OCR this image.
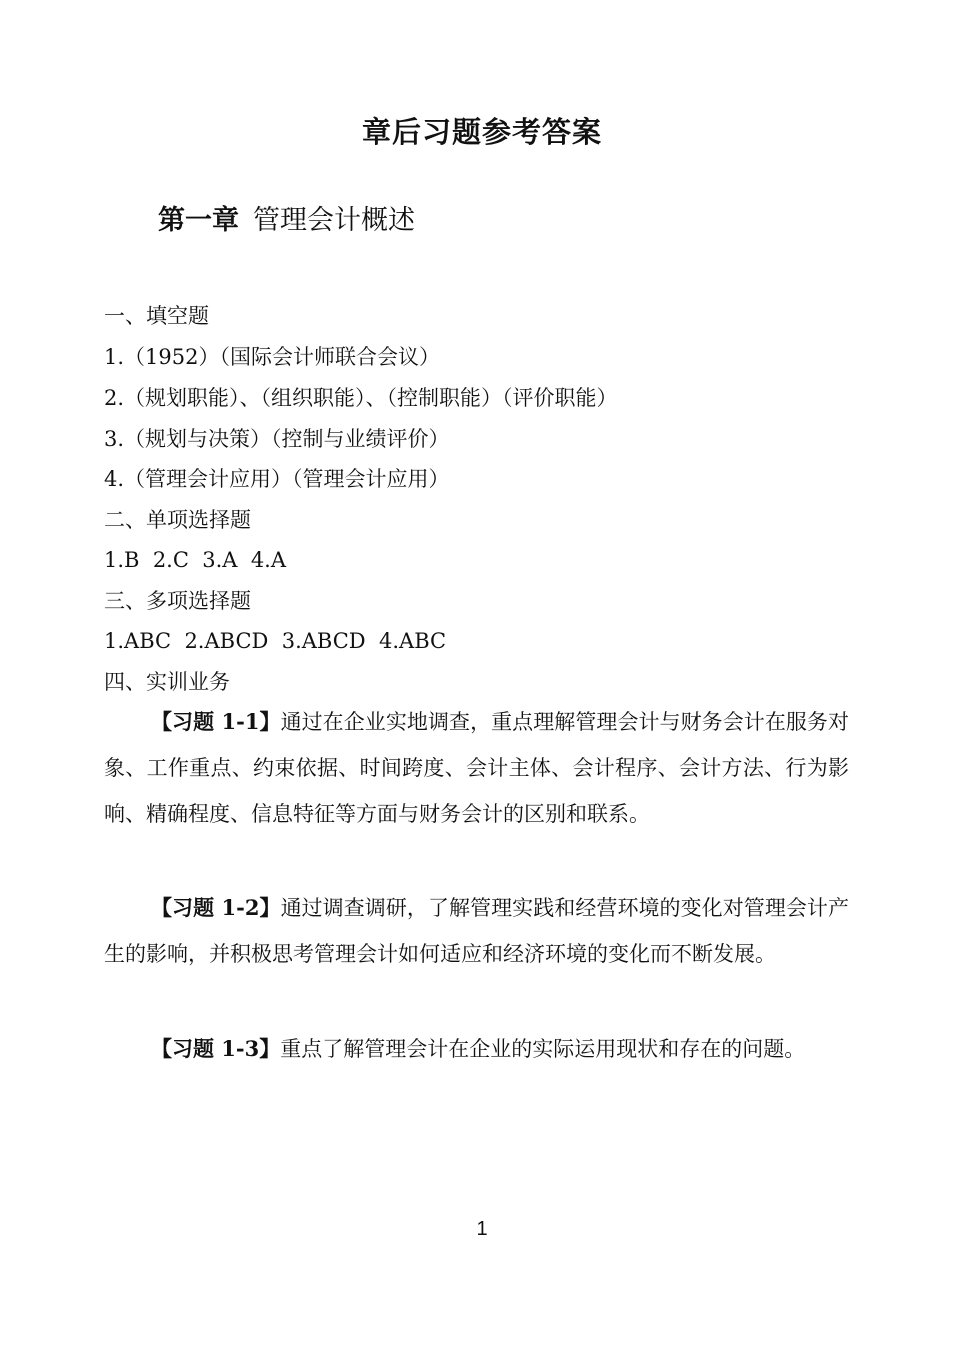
章后习题参考答案
第一章 管理会计概述
一、填空题
1.（1952）（国际会计师联合会议）
2.（规划职能）、（组织职能）、（控制职能）（评价职能）
3.（规划与决策）（控制与业绩评价）
4.（管理会计应用）（管理会计应用）
二、单项选择题
1.B  2.C  3.A  4.A
三、多项选择题
1.ABC  2.ABCD  3.ABCD  4.ABC
四、实训业务
【习题 1-1】通过在企业实地调查，重点理解管理会计与财务会计在服务对象、工作重点、约束依据、时间跨度、会计主体、会计程序、会计方法、行为影响、精确程度、信息特征等方面与财务会计的区别和联系。
【习题 1-2】通过调查调研，了解管理实践和经营环境的变化对管理会计产生的影响，并积极思考管理会计如何适应和经济环境的变化而不断发展。
【习题 1-3】重点了解管理会计在企业的实际运用现状和存在的问题。
1
